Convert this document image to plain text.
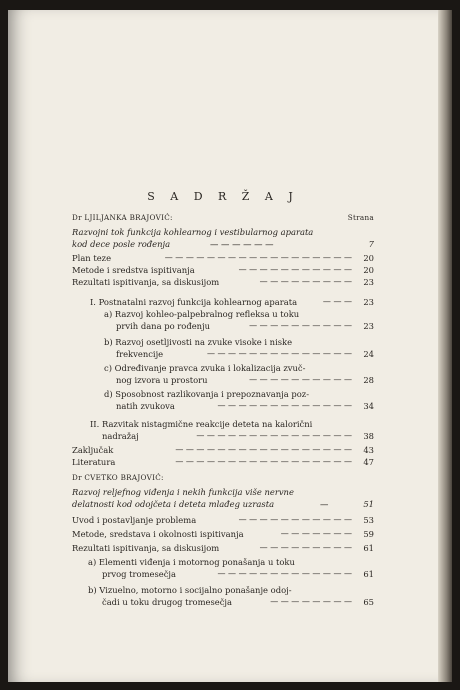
S A D R Ž A J
Dr LJILJANKA BRAJOVIĆ:	Strana
Razvojni tok funkcija kohlearnog i vestibularnog aparata
kod dece posle rođenja	— — — — — —	7
Plan teze	20
— — — — — — — — — — — — — — — — — —
Metode i sredstva ispitivanja	20
— — — — — — — — — — —
Rezultati ispitivanja, sa diskusijom	23
— — — — — — — — —
I. Postnatalni razvoj funkcija kohlearnog aparata	23
— — —
a) Razvoj kohleo-palpebralnog refleksa u toku
prvih dana po rođenju	23
— — — — — — — — — —
b) Razvoj osetljivosti na zvuke visoke i niske
frekvencije	24
— — — — — — — — — — — — — —
c) Određivanje pravca zvuka i lokalizacija zvuč-
nog izvora u prostoru	28
— — — — — — — — — —
d) Sposobnost razlikovanja i prepoznavanja poz-
natih zvukova	34
— — — — — — — — — — — — —
II. Razvitak nistagmične reakcije deteta na kalorični
nadražaj	38
— — — — — — — — — — — — — — —
Zaključak	43
— — — — — — — — — — — — — — — — —
Literatura	47
— — — — — — — — — — — — — — — — —
Dr CVETKO BRAJOVIĆ:
Razvoj reljefnog viđenja i nekih funkcija više nervne
delatnosti kod odojčeta i deteta mlađeg uzrasta	—	51
Uvod i postavljanje problema	53
— — — — — — — — — — —
Metode, sredstava i okolnosti ispitivanja	59
— — — — — — —
Rezultati ispitivanja, sa diskusijom	61
— — — — — — — — —
a) Elementi viđenja i motornog ponašanja u toku
prvog tromesečja	61
— — — — — — — — — — — — —
b) Vizuelno, motorno i socijalno ponašanje odoj-
čadi u toku drugog tromesečja	65
— — — — — — — —
